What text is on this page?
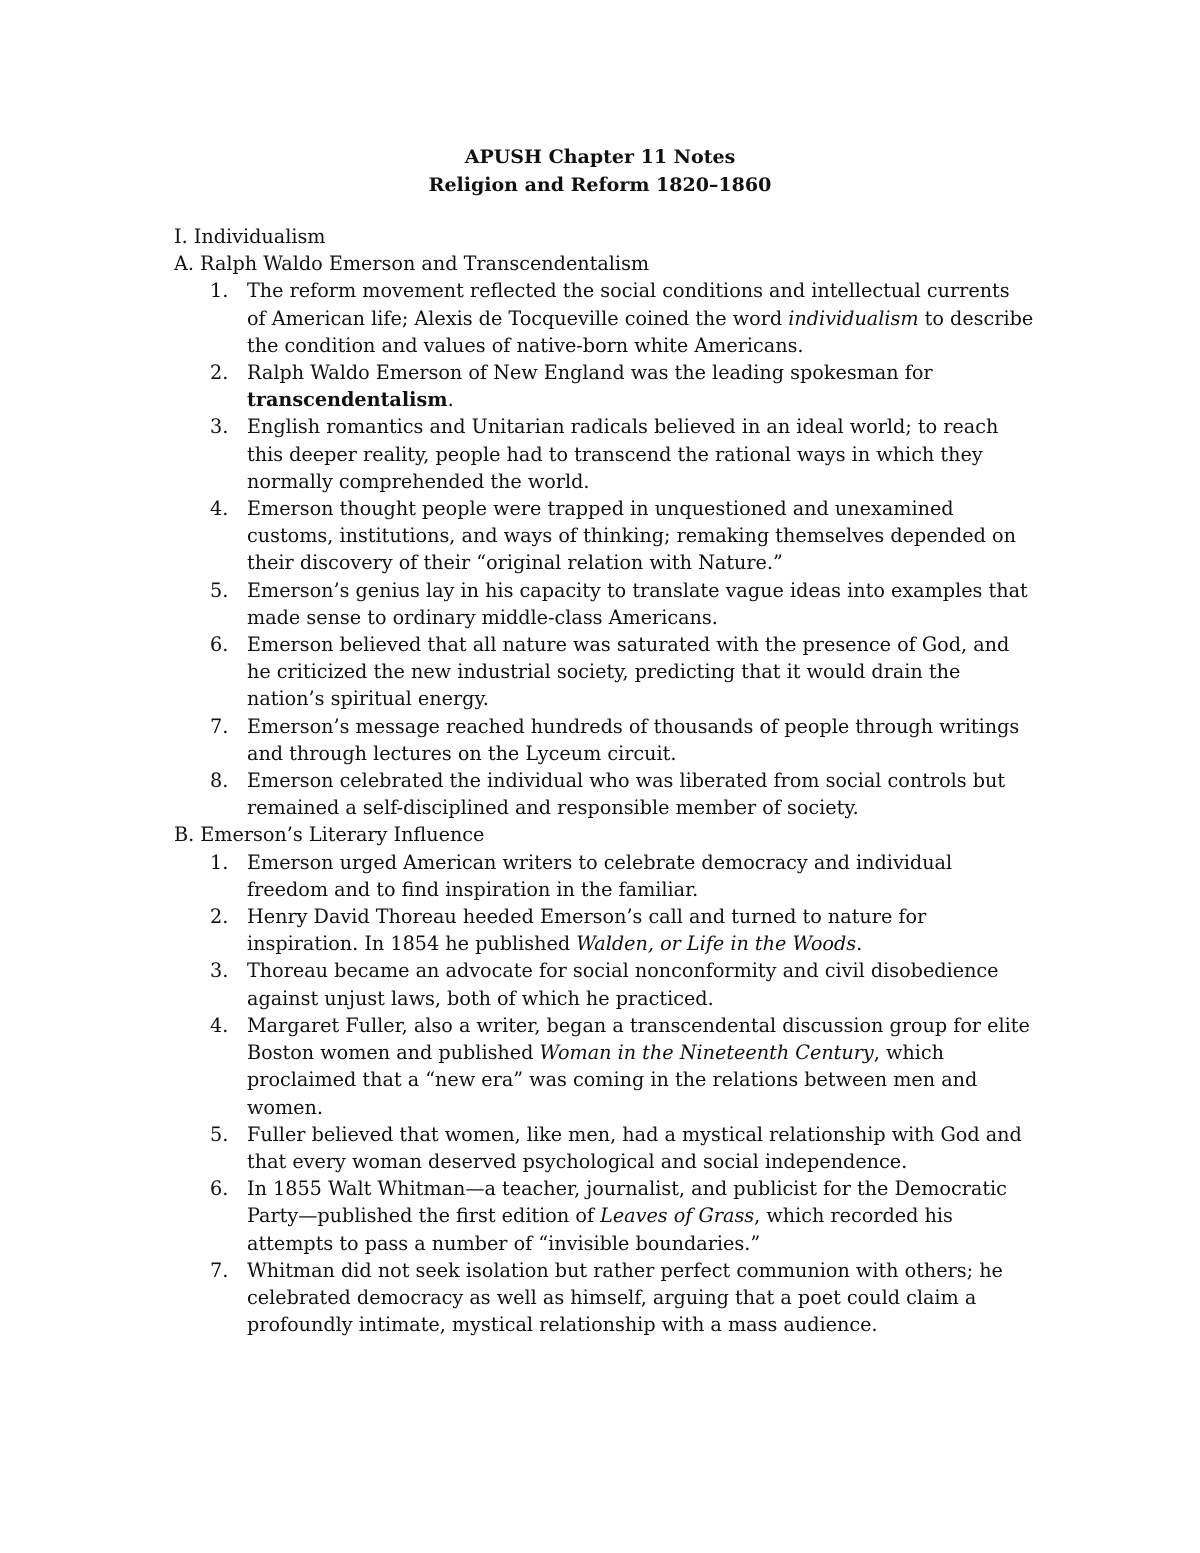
APUSH Chapter 11 Notes
Religion and Reform 1820–1860
I. Individualism
A. Ralph Waldo Emerson and Transcendentalism
1. The reform movement reflected the social conditions and intellectual currents of American life; Alexis de Tocqueville coined the word individualism to describe the condition and values of native-born white Americans.
2. Ralph Waldo Emerson of New England was the leading spokesman for transcendentalism.
3. English romantics and Unitarian radicals believed in an ideal world; to reach this deeper reality, people had to transcend the rational ways in which they normally comprehended the world.
4. Emerson thought people were trapped in unquestioned and unexamined customs, institutions, and ways of thinking; remaking themselves depended on their discovery of their “original relation with Nature.”
5. Emerson’s genius lay in his capacity to translate vague ideas into examples that made sense to ordinary middle-class Americans.
6. Emerson believed that all nature was saturated with the presence of God, and he criticized the new industrial society, predicting that it would drain the nation’s spiritual energy.
7. Emerson’s message reached hundreds of thousands of people through writings and through lectures on the Lyceum circuit.
8. Emerson celebrated the individual who was liberated from social controls but remained a self-disciplined and responsible member of society.
B. Emerson’s Literary Influence
1. Emerson urged American writers to celebrate democracy and individual freedom and to find inspiration in the familiar.
2. Henry David Thoreau heeded Emerson’s call and turned to nature for inspiration. In 1854 he published Walden, or Life in the Woods.
3. Thoreau became an advocate for social nonconformity and civil disobedience against unjust laws, both of which he practiced.
4. Margaret Fuller, also a writer, began a transcendental discussion group for elite Boston women and published Woman in the Nineteenth Century, which proclaimed that a “new era” was coming in the relations between men and women.
5. Fuller believed that women, like men, had a mystical relationship with God and that every woman deserved psychological and social independence.
6. In 1855 Walt Whitman—a teacher, journalist, and publicist for the Democratic Party—published the first edition of Leaves of Grass, which recorded his attempts to pass a number of “invisible boundaries.”
7. Whitman did not seek isolation but rather perfect communion with others; he celebrated democracy as well as himself, arguing that a poet could claim a profoundly intimate, mystical relationship with a mass audience.
